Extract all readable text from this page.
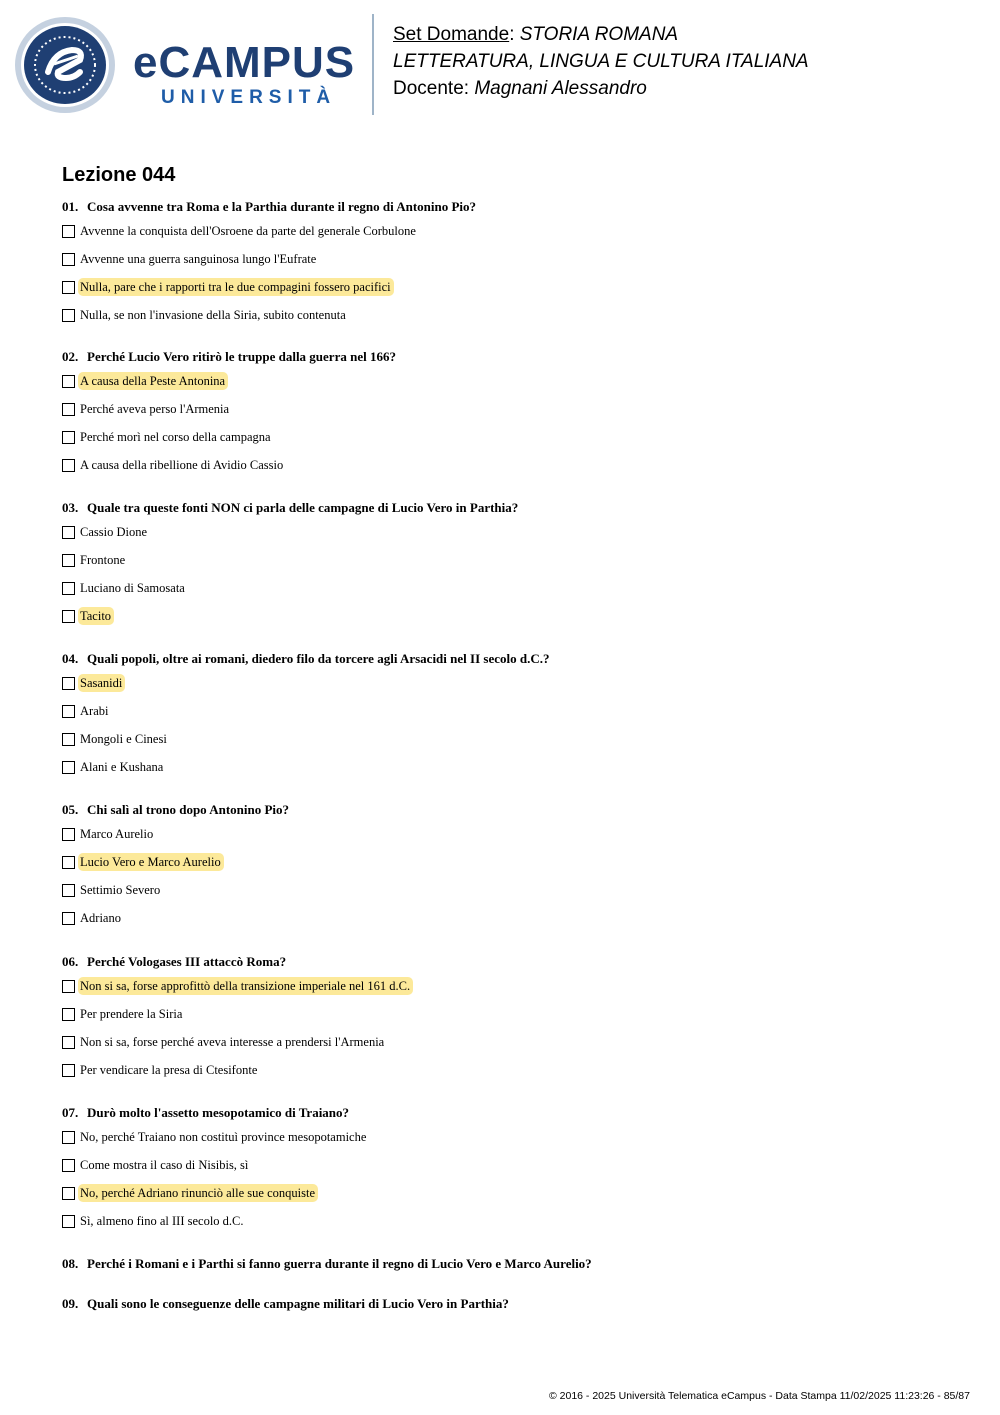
eCAMPUS
UNIVERSITÀ
Set Domande: STORIA ROMANA
LETTERATURA, LINGUA E CULTURA ITALIANA
Docente: Magnani Alessandro
Lezione 044
01. Cosa avvenne tra Roma e la Parthia durante il regno di Antonino Pio?
Avvenne la conquista dell'Osroene da parte del generale Corbulone
Avvenne una guerra sanguinosa lungo l'Eufrate
Nulla, pare che i rapporti tra le due compagini fossero pacifici
Nulla, se non l'invasione della Siria, subito contenuta
02. Perché Lucio Vero ritirò le truppe dalla guerra nel 166?
A causa della Peste Antonina
Perché aveva perso l'Armenia
Perché morì nel corso della campagna
A causa della ribellione di Avidio Cassio
03. Quale tra queste fonti NON ci parla delle campagne di Lucio Vero in Parthia?
Cassio Dione
Frontone
Luciano di Samosata
Tacito
04. Quali popoli, oltre ai romani, diedero filo da torcere agli Arsacidi nel II secolo d.C.?
Sasanidi
Arabi
Mongoli e Cinesi
Alani e Kushana
05. Chi salì al trono dopo Antonino Pio?
Marco Aurelio
Lucio Vero e Marco Aurelio
Settimio Severo
Adriano
06. Perché Vologases III attaccò Roma?
Non si sa, forse approfittò della transizione imperiale nel 161 d.C.
Per prendere la Siria
Non si sa, forse perché aveva interesse a prendersi l'Armenia
Per vendicare la presa di Ctesifonte
07. Durò molto l'assetto mesopotamico di Traiano?
No, perché Traiano non costituì province mesopotamiche
Come mostra il caso di Nisibis, sì
No, perché Adriano rinunciò alle sue conquiste
Sì, almeno fino al III secolo d.C.
08. Perché i Romani e i Parthi si fanno guerra durante il regno di Lucio Vero e Marco Aurelio?
09. Quali sono le conseguenze delle campagne militari di Lucio Vero in Parthia?
© 2016 - 2025 Università Telematica eCampus - Data Stampa 11/02/2025 11:23:26 - 85/87
